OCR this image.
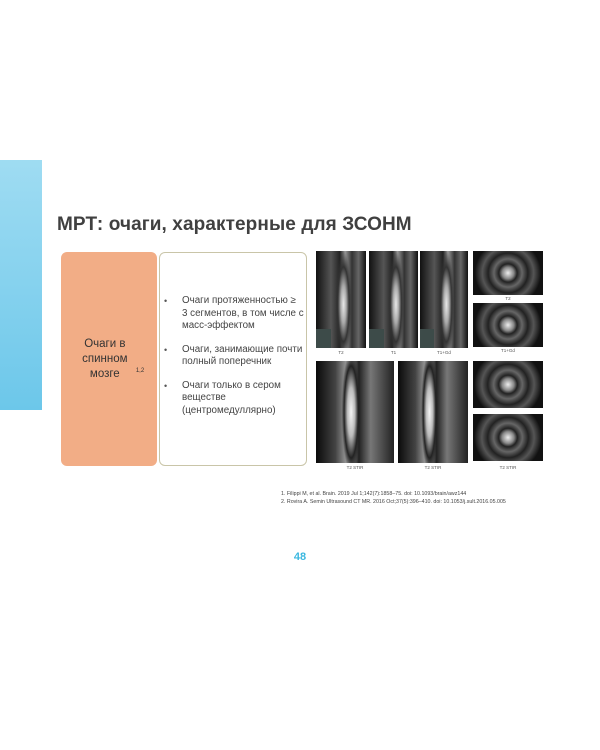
МРТ: очаги, характерные для ЗСОНМ
Очаги в спинном мозге	$^{1,2}$
• Очаги протяженностью ≥ 3 сегментов, в том числе с масс-эффектом
• Очаги, занимающие почти полный поперечник
• Очаги только в сером веществе (центромедуллярно)
T2	T1	T1+Gd
T2
T1+Gd
T2 STIR	T2 STIR	T2 STIR
1. Filippi M, et al. Brain. 2019 Jul 1;142(7):1858–75. doi: 10.1093/brain/awz144
2. Rovira A. Semin Ultrasound CT MR. 2016 Oct;37(5):396–410. doi: 10.1053/j.sult.2016.05.005
48
